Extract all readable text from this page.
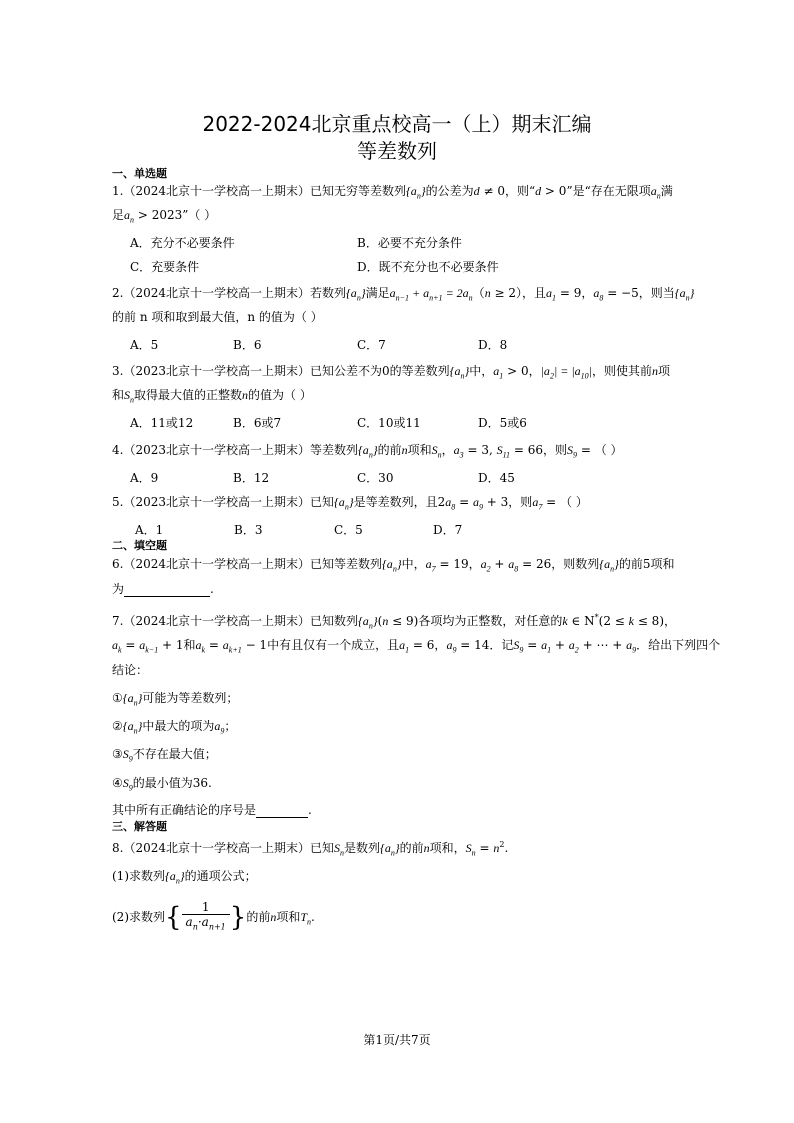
2022-2024北京重点校高一（上）期末汇编
等差数列
一、单选题
1.（2024北京十一学校高一上期末）已知无穷等差数列$\{a_n\}$的公差为d ≠ 0，则“d > 0”是“存在无限项$a_n$满
足$a_n$ > 2023”（ ）
A．充分不必要条件	B．必要不充分条件
C．充要条件	D．既不充分也不必要条件
2.（2024北京十一学校高一上期末）若数列$\{a_n\}$满足$a_{n-1} + a_{n+1} = 2a_n(n \ge 2)$，且$a_1 = 9$，$a_8 = -5$，则当$\{a_n\}$
的前 n 项和取到最大值，n 的值为（ ）
A．5	B．6	C．7	D．8
3.（2023北京十一学校高一上期末）已知公差不为0的等差数列$\{a_n\}$中，$a_1 > 0$，$|a_2| = |a_{10}|$，则使其前n项
和$S_n$取得最大值的正整数n的值为（ ）
A．11或12	B．6或7	C．10或11	D．5或6
4.（2023北京十一学校高一上期末）等差数列$\{a_n\}$的前n项和$S_n$，$a_3 = 3$, $S_{11} = 66$，则$S_9$ = （ ）
A．9	B．12	C．30	D．45
5.（2023北京十一学校高一上期末）已知$\{a_n\}$是等差数列，且$2a_8 = a_9 + 3$，则$a_7$ = （ ）
A．1	B．3	C．5	D．7
二、填空题
6.（2024北京十一学校高一上期末）已知等差数列$\{a_n\}$中，$a_7 = 19$，$a_2 + a_8 = 26$，则数列$\{a_n\}$的前5项和
为	.
7.（2024北京十一学校高一上期末）已知数列$\{a_n\}(n \le 9)$各项均为正整数，对任意的k ∈ N*(2 ≤ k ≤ 8)，
$a_k = a_{k-1} + 1$和$a_k = a_{k+1} - 1$中有且仅有一个成立，且$a_1 = 6$，$a_9 = 14$．记$S_9 = a_1 + a_2$ + ⋯ + $a_9$．给出下列四个
结论：
$①\{a_n\}$可能为等差数列；
$②\{a_n\}$中最大的项为$a_9$；
$③S_9$不存在最大值；
$④S_9$的最小值为36.
其中所有正确结论的序号是	.
三、解答题
8.（2024北京十一学校高一上期末）已知$S_n$是数列$\{a_n\}$的前n项和，$S_n = n^2$.
(1)求数列$\{a_n\}$的通项公式；
(2)求数列{ $\frac{1}{a_n\cdot a_{n+1}}$ }的前n项和$T_n$.
第1页/共7页
